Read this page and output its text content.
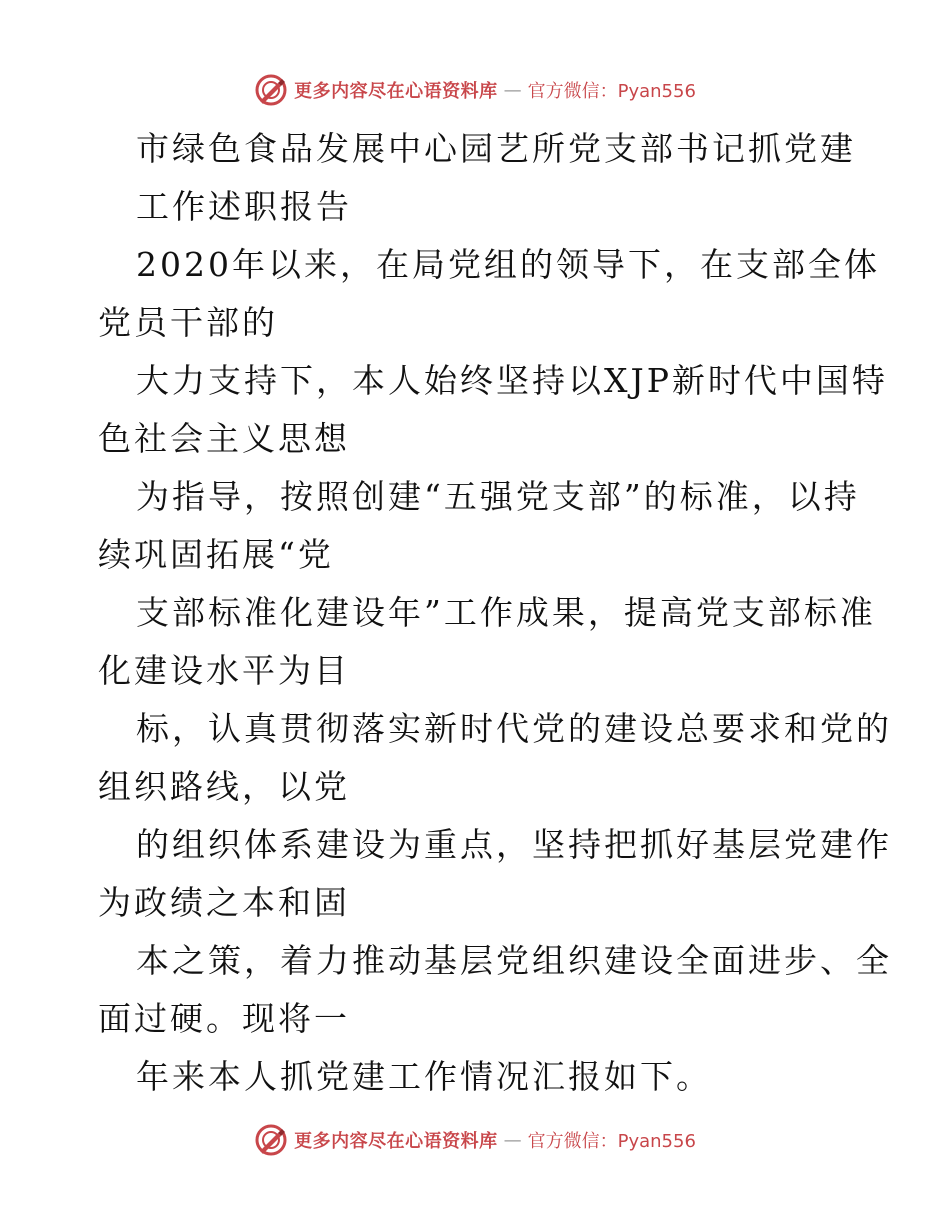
更多内容尽在心语资料库 — 官方微信：Pyan556
市绿色食品发展中心园艺所党支部书记抓党建
工作述职报告
2020年以来，在局党组的领导下，在支部全体
党员干部的
大力支持下，本人始终坚持以XJP新时代中国特
色社会主义思想
为指导，按照创建“五强党支部”的标准，以持
续巩固拓展“党
支部标准化建设年”工作成果，提高党支部标准
化建设水平为目
标，认真贯彻落实新时代党的建设总要求和党的
组织路线，以党
的组织体系建设为重点，坚持把抓好基层党建作
为政绩之本和固
本之策，着力推动基层党组织建设全面进步、全
面过硬。现将一
年来本人抓党建工作情况汇报如下。
更多内容尽在心语资料库 — 官方微信：Pyan556
